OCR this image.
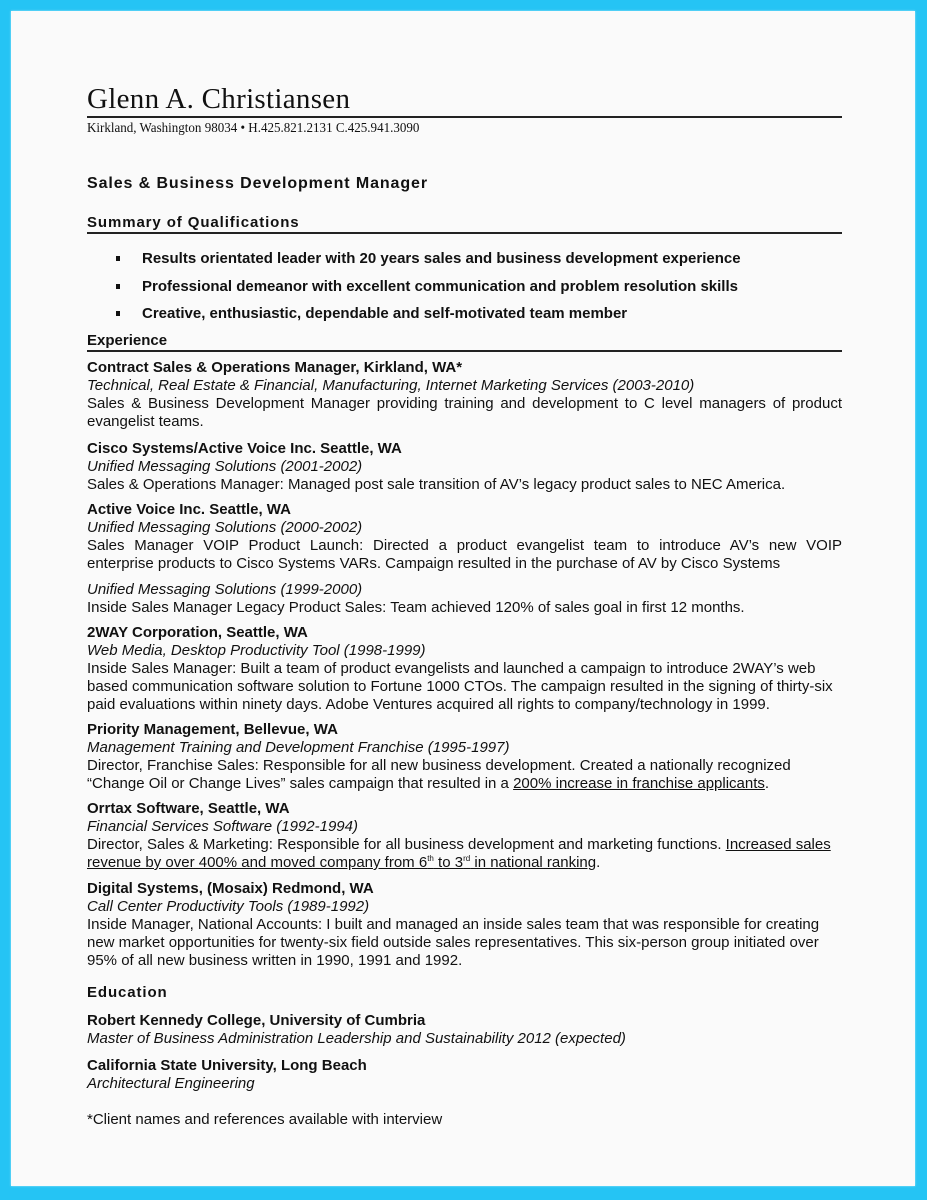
Glenn A. Christiansen
Kirkland, Washington 98034 • H.425.821.2131 C.425.941.3090
Sales & Business Development Manager
Summary of Qualifications
Results orientated leader with 20 years sales and business development experience
Professional demeanor with excellent communication and problem resolution skills
Creative, enthusiastic, dependable and self-motivated team member
Experience
Contract Sales & Operations Manager, Kirkland, WA*
Technical, Real Estate & Financial, Manufacturing, Internet Marketing Services (2003-2010)
Sales & Business Development Manager providing training and development to C level managers of product
evangelist teams.
Cisco Systems/Active Voice Inc. Seattle, WA
Unified Messaging Solutions (2001-2002)
Sales & Operations Manager: Managed post sale transition of AV’s legacy product sales to NEC America.
Active Voice Inc. Seattle, WA
Unified Messaging Solutions (2000-2002)
Sales Manager VOIP Product Launch: Directed a product evangelist team to introduce AV’s new VOIP
enterprise products to Cisco Systems VARs. Campaign resulted in the purchase of AV by Cisco Systems
Unified Messaging Solutions (1999-2000)
Inside Sales Manager Legacy Product Sales: Team achieved 120% of sales goal in first 12 months.
2WAY Corporation, Seattle, WA
Web Media, Desktop Productivity Tool (1998-1999)
Inside Sales Manager: Built a team of product evangelists and launched a campaign to introduce 2WAY’s web
based communication software solution to Fortune 1000 CTOs. The campaign resulted in the signing of thirty-six
paid evaluations within ninety days. Adobe Ventures acquired all rights to company/technology in 1999.
Priority Management, Bellevue, WA
Management Training and Development Franchise (1995-1997)
Director, Franchise Sales: Responsible for all new business development. Created a nationally recognized
“Change Oil or Change Lives” sales campaign that resulted in a 200% increase in franchise applicants.
Orrtax Software, Seattle, WA
Financial Services Software (1992-1994)
Director, Sales & Marketing: Responsible for all business development and marketing functions. Increased sales
revenue by over 400% and moved company from 6th to 3rd in national ranking.
Digital Systems, (Mosaix) Redmond, WA
Call Center Productivity Tools (1989-1992)
Inside Manager, National Accounts: I built and managed an inside sales team that was responsible for creating
new market opportunities for twenty-six field outside sales representatives. This six-person group initiated over
95% of all new business written in 1990, 1991 and 1992.
Education
Robert Kennedy College, University of Cumbria
Master of Business Administration Leadership and Sustainability 2012 (expected)
California State University, Long Beach
Architectural Engineering
*Client names and references available with interview
